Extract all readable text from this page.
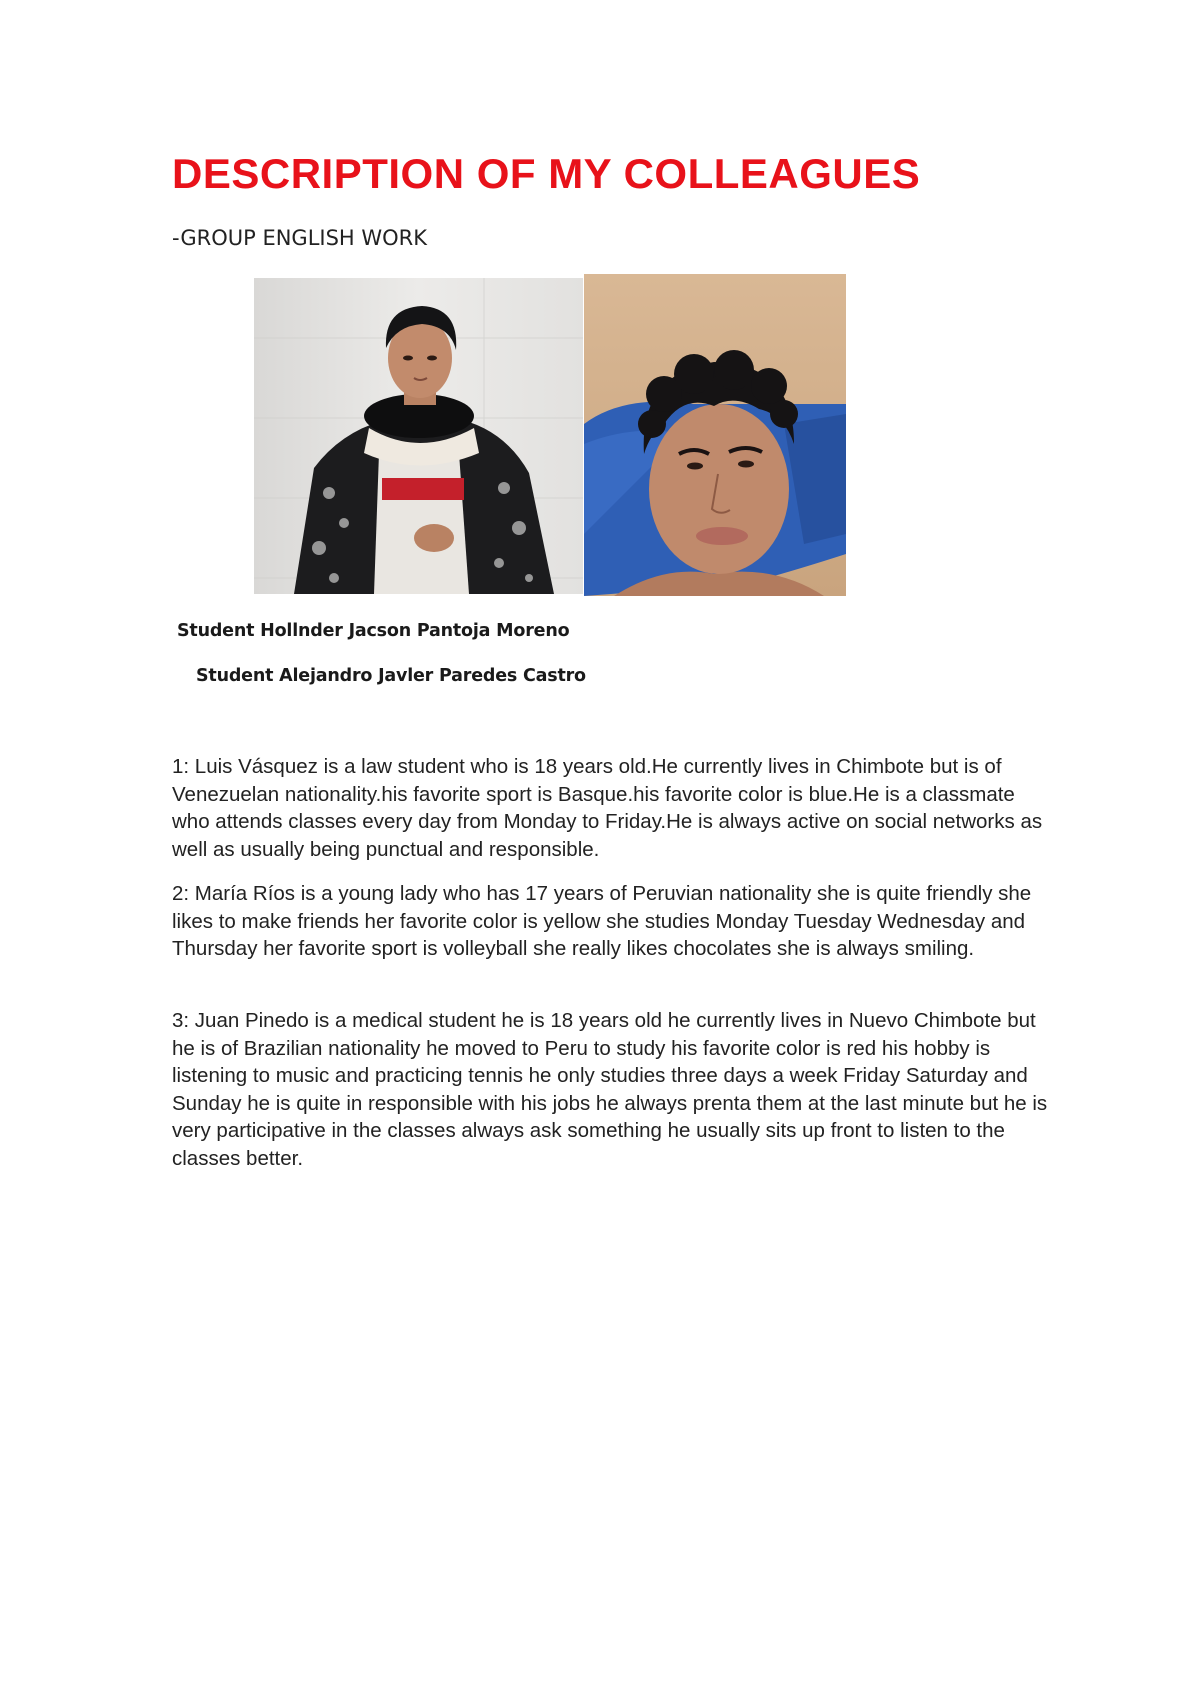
DESCRIPTION OF MY COLLEAGUES

-GROUP ENGLISH WORK

Student Hollnder Jacson Pantoja Moreno
Student Alejandro Javler Paredes Castro

1: Luis Vásquez is a law student who is 18 years old.He currently lives in Chimbote but is of Venezuelan nationality.his favorite sport is Basque.his favorite color is blue.He is a classmate who attends classes every day from Monday to Friday.He is always active on social networks as well as usually being punctual and responsible.

2: María Ríos is a young lady who has 17 years of Peruvian nationality she is quite friendly she likes to make friends her favorite color is yellow she studies Monday Tuesday Wednesday and Thursday her favorite sport is volleyball she really likes chocolates she is always smiling.

3: Juan Pinedo is a medical student he is 18 years old he currently lives in Nuevo Chimbote but he is of Brazilian nationality he moved to Peru to study his favorite color is red his hobby is listening to music and practicing tennis he only studies three days a week Friday Saturday and Sunday he is quite in responsible with his jobs he always prenta them at the last minute but he is very participative in the classes always ask something he usually sits up front to listen to the classes better.
